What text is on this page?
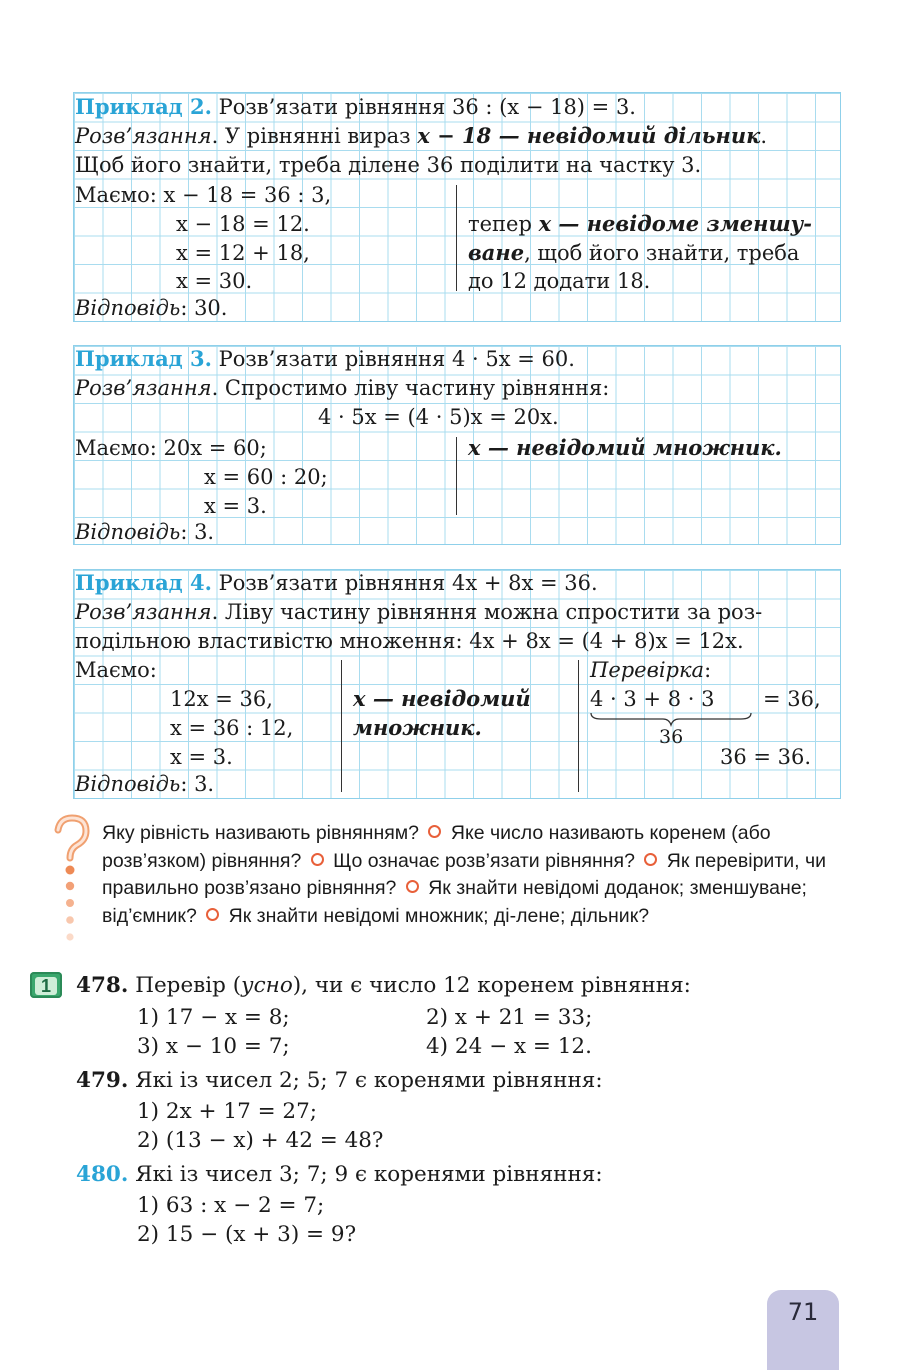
Приклад 2. Розв’язати рівняння 36 : (x − 18) = 3.
Розв’язання. У рівнянні вираз x − 18 — невідомий дільник.
Щоб його знайти, треба ділене 36 поділити на частку 3.
Маємо: x − 18 = 36 : 3,
x − 18 = 12.
x = 12 + 18,
x = 30.
тепер x — невідоме зменшу-
ване, щоб його знайти, треба
до 12 додати 18.
Відповідь: 30.
Приклад 3. Розв’язати рівняння 4 · 5x = 60.
Розв’язання. Спростимо ліву частину рівняння:
4 · 5x = (4 · 5)x = 20x.
Маємо: 20x = 60;
x = 60 : 20;
x = 3.
x — невідомий множник.
Відповідь: 3.
Приклад 4. Розв’язати рівняння 4x + 8x = 36.
Розв’язання. Ліву частину рівняння можна спростити за роз-
подільною властивістю множення: 4x + 8x = (4 + 8)x = 12x.
Маємо:
12x = 36,
x = 36 : 12,
x = 3.
x — невідомий
множник.
Перевірка:
4 · 3 + 8 · 3 = 36,
36
36 = 36.
Відповідь: 3.
Яку рівність називають рівнянням? Яке число називають коренем (або розв’язком) рівняння? Що означає розв’язати рівняння? Як перевірити, чи правильно розв’язано рівняння? Як знайти невідомі доданок; зменшуване; від’ємник? Як знайти невідомі множник; ді-лене; дільник?
1	478. Перевір (усно), чи є число 12 коренем рівняння:
1) 17 − x = 8;	2) x + 21 = 33;
3) x − 10 = 7;	4) 24 − x = 12.
479. Які із чисел 2; 5; 7 є коренями рівняння:
1) 2x + 17 = 27;
2) (13 − x) + 42 = 48?
480. Які із чисел 3; 7; 9 є коренями рівняння:
1) 63 : x − 2 = 7;
2) 15 − (x + 3) = 9?
71
